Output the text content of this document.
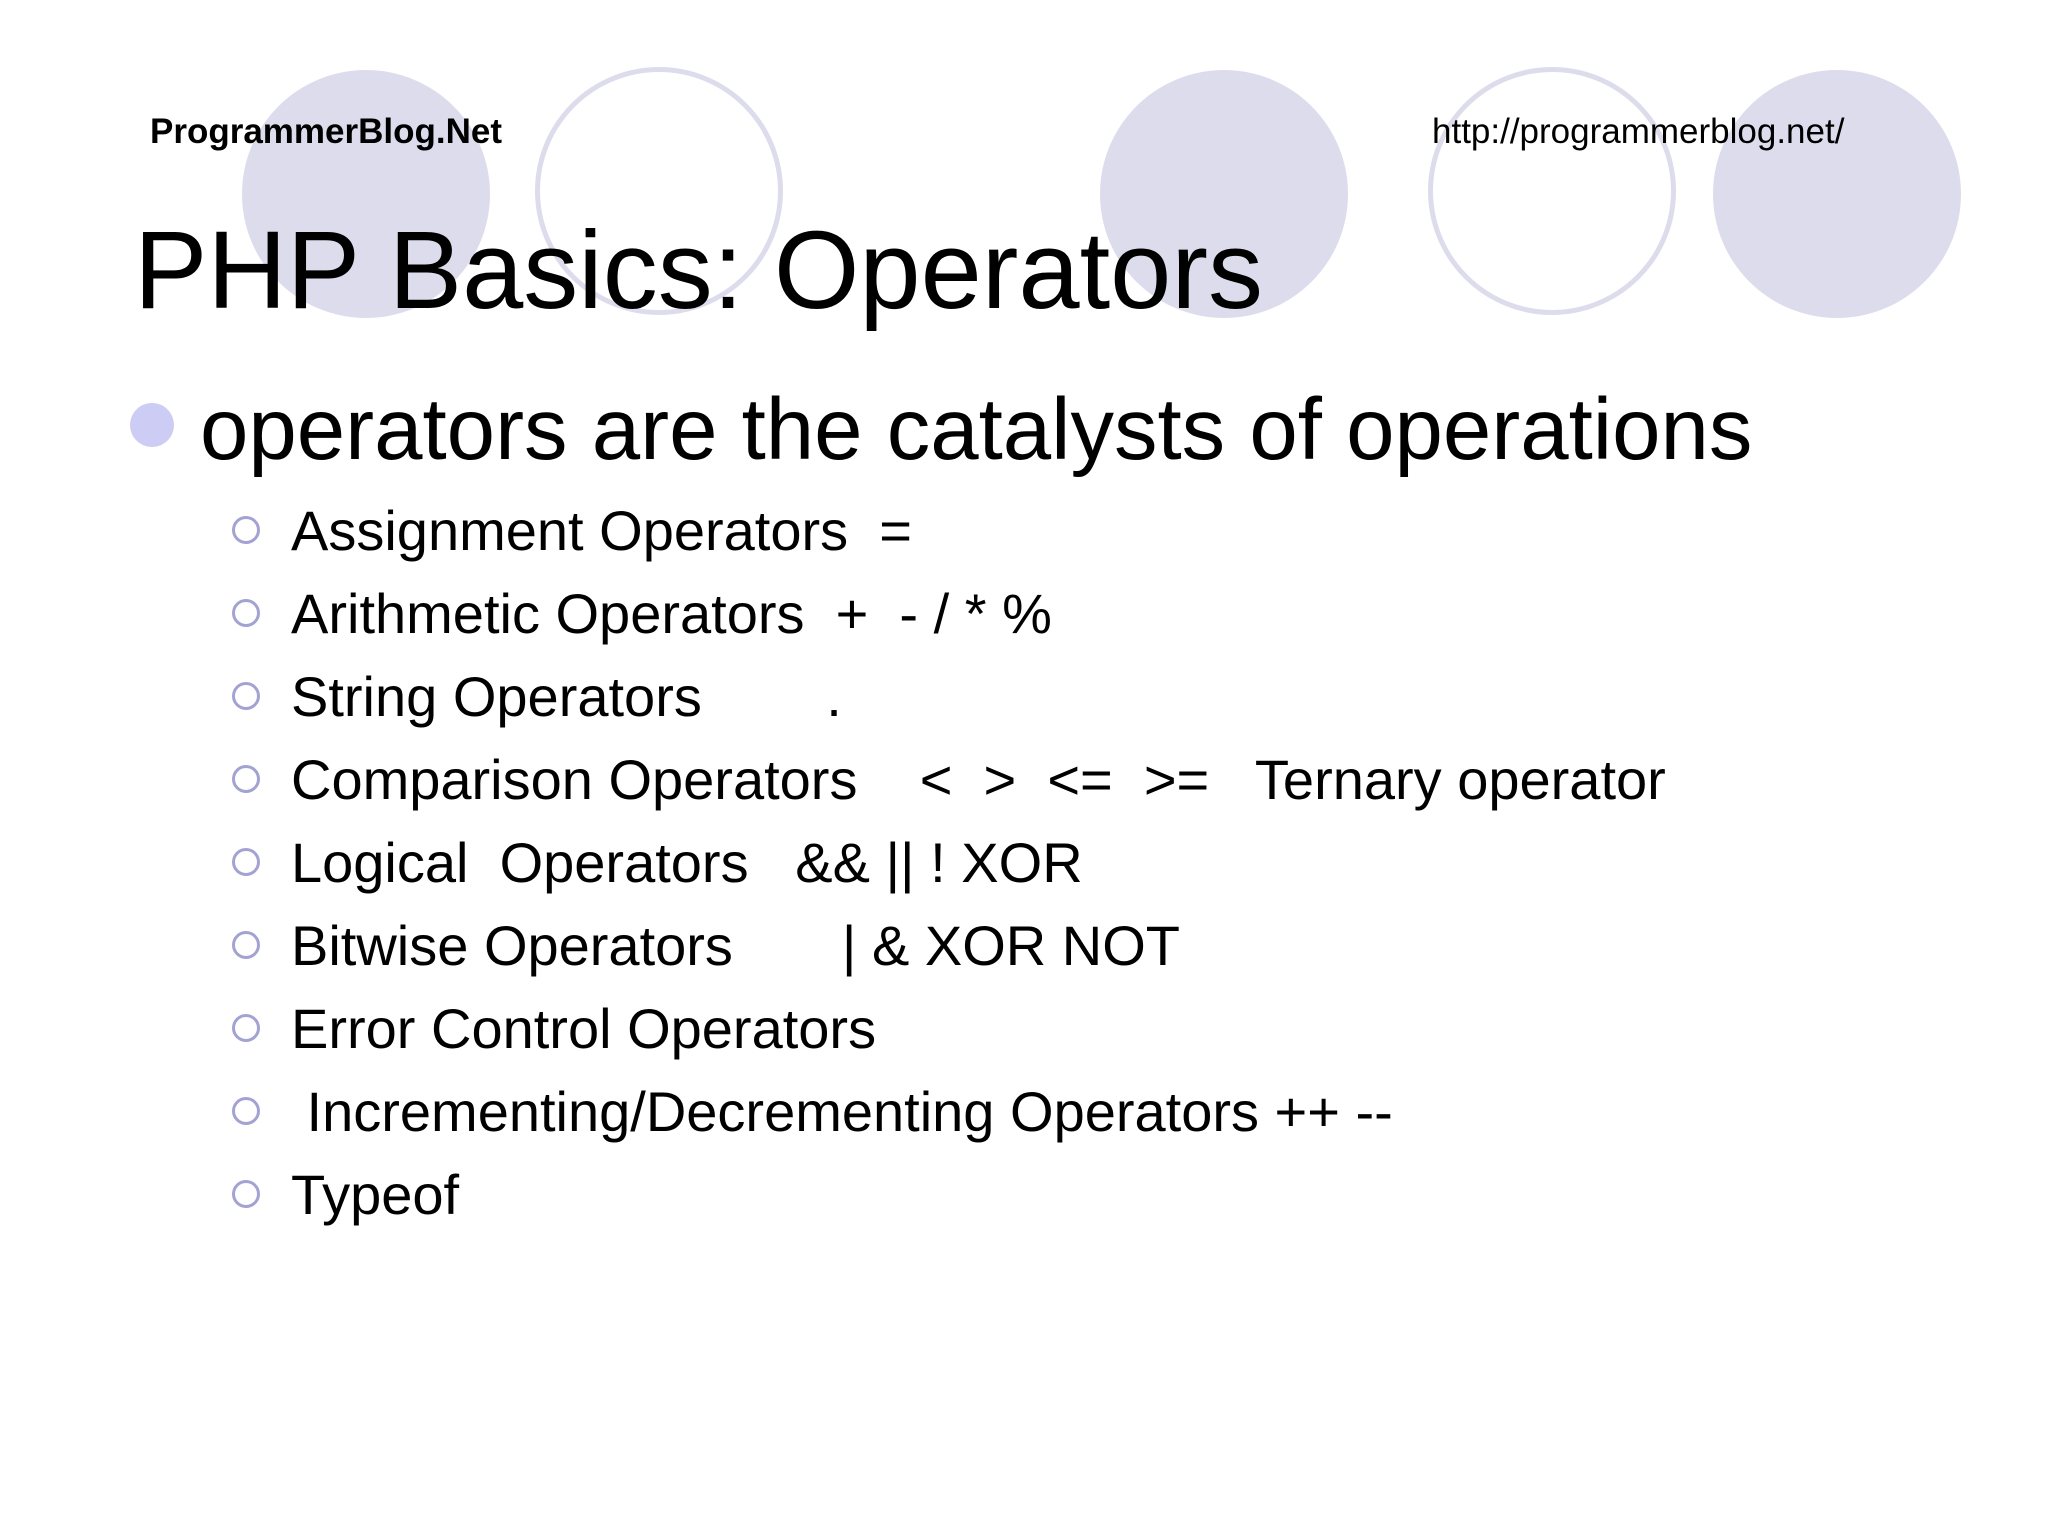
ProgrammerBlog.Net	http://programmerblog.net/
PHP Basics: Operators
operators are the catalysts of operations
Assignment Operators  =
Arithmetic Operators  +  - / * %
String Operators        .
Comparison Operators    <  >  <=  >=   Ternary operator
Logical  Operators   && || ! XOR
Bitwise Operators       | & XOR NOT
Error Control Operators
Incrementing/Decrementing Operators ++ --
Typeof
